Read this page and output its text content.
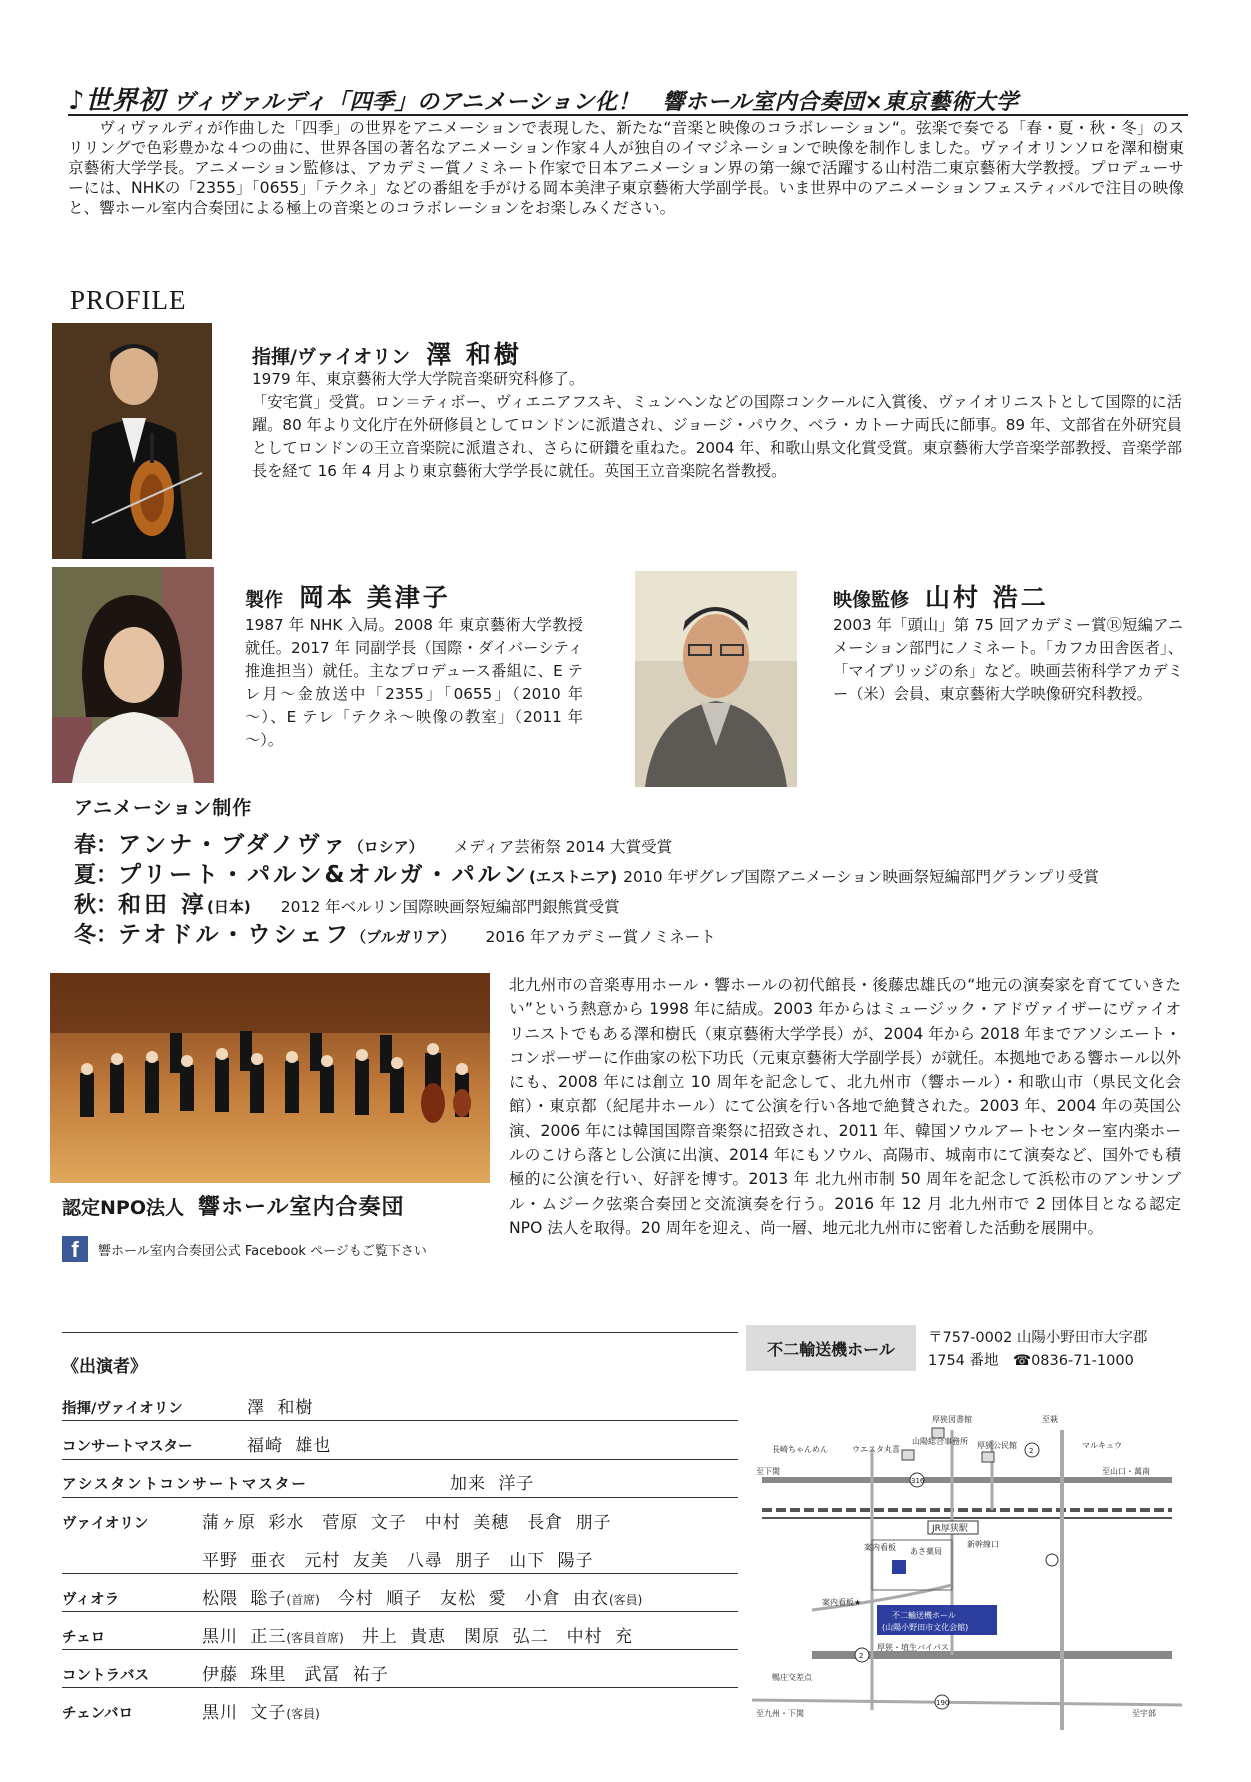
♪世界初 ヴィヴァルディ「四季」のアニメーション化！　響ホール室内合奏団×東京藝術大学
ヴィヴァルディが作曲した「四季」の世界をアニメーションで表現した、新たな“音楽と映像のコラボレーション“。弦楽で奏でる「春・夏・秋・冬」のスリリングで色彩豊かな４つの曲に、世界各国の著名なアニメーション作家４人が独自のイマジネーションで映像を制作しました。ヴァイオリンソロを澤和樹東京藝術大学学長。アニメーション監修は、アカデミー賞ノミネート作家で日本アニメーション界の第一線で活躍する山村浩二東京藝術大学教授。プロデューサーには、NHKの「2355」「0655」「テクネ」などの番組を手がける岡本美津子東京藝術大学副学長。いま世界中のアニメーションフェスティバルで注目の映像と、響ホール室内合奏団による極上の音楽とのコラボレーションをお楽しみください。
PROFILE
指揮/ヴァイオリン 澤 和樹
1979 年、東京藝術大学大学院音楽研究科修了。
「安宅賞」受賞。ロン＝ティボー、ヴィエニアフスキ、ミュンヘンなどの国際コンクールに入賞後、ヴァイオリニストとして国際的に活躍。80 年より文化庁在外研修員としてロンドンに派遣され、ジョージ・パウク、ベラ・カトーナ両氏に師事。89 年、文部省在外研究員としてロンドンの王立音楽院に派遣され、さらに研鑽を重ねた。2004 年、和歌山県文化賞受賞。東京藝術大学音楽学部教授、音楽学部長を経て 16 年 4 月より東京藝術大学学長に就任。英国王立音楽院名誉教授。
製作 岡本 美津子
1987 年 NHK 入局。2008 年 東京藝術大学教授就任。2017 年 同副学長（国際・ダイバーシティ推進担当）就任。主なプロデュース番組に、E テレ月～金放送中「2355」「0655」（2010 年～）、E テレ「テクネ～映像の教室」（2011 年～）。
映像監修 山村 浩二
2003 年「頭山」第 75 回アカデミー賞Ⓡ短編アニメーション部門にノミネート。「カフカ田舎医者」、「マイブリッジの糸」など。映画芸術科学アカデミー（米）会員、東京藝術大学映像研究科教授。
アニメーション制作
春：アンナ・ブダノヴァ（ロシア） メディア芸術祭 2014 大賞受賞
夏：プリート・パルン&オルガ・パルン(エストニア) 2010 年ザグレブ国際アニメーション映画祭短編部門グランプリ受賞
秋：和田 淳(日本) 2012 年ベルリン国際映画祭短編部門銀熊賞受賞
冬：テオドル・ウシェフ（ブルガリア） 2016 年アカデミー賞ノミネート
北九州市の音楽専用ホール・響ホールの初代館長・後藤忠雄氏の“地元の演奏家を育てていきたい”という熱意から 1998 年に結成。2003 年からはミュージック・アドヴァイザーにヴァイオリニストでもある澤和樹氏（東京藝術大学学長）が、2004 年から 2018 年までアソシエート・コンポーザーに作曲家の松下功氏（元東京藝術大学副学長）が就任。本拠地である響ホール以外にも、2008 年には創立 10 周年を記念して、北九州市（響ホール）・和歌山市（県民文化会館）・東京都（紀尾井ホール）にて公演を行い各地で絶賛された。2003 年、2004 年の英国公演、2006 年には韓国国際音楽祭に招致され、2011 年、韓国ソウルアートセンター室内楽ホールのこけら落とし公演に出演、2014 年にもソウル、高陽市、城南市にて演奏など、国外でも積極的に公演を行い、好評を博す。2013 年 北九州市制 50 周年を記念して浜松市のアンサンブル・ムジーク弦楽合奏団と交流演奏を行う。2016 年 12 月 北九州市で 2 団体目となる認定 NPO 法人を取得。20 周年を迎え、尚一層、地元北九州市に密着した活動を展開中。
認定NPO法人 響ホール室内合奏団
f	響ホール室内合奏団公式 Facebook ページもご覧下さい
《出演者》
指揮/ヴァイオリン	澤 和樹
コンサートマスター	福崎 雄也
アシスタントコンサートマスター	加来 洋子
ヴァイオリン	蒲ヶ原 彩水　菅原 文子　中村 美穂　長倉 朋子
平野 亜衣　元村 友美　八尋 朋子　山下 陽子
ヴィオラ	松隈 聡子(首席)　今村 順子　友松 愛　小倉 由衣(客員)
チェロ	黒川 正三(客員首席)　井上 貴恵　関原 弘二　中村 充
コントラバス	伊藤 珠里　武冨 祐子
チェンバロ	黒川 文子(客員)
不二輸送機ホール
〒757-0002 山陽小野田市大字郡
1754 番地　 ☎0836-71-1000
厚狭図書館
長崎ちゃんめん	ウエスタ丸喜
山陽総合事務所 厚狭公民館	マルキュウ
至下関	至山口・萬南
JR厚狭駅
新幹線口
案内看板
案内看板★
あさ薬局
不二輸送機ホール
(山陽小野田市文化会館)
厚狭・埴生バイパス
鴨庄交差点
至九州・下関	至宇部
至萩
316
2
2
190
